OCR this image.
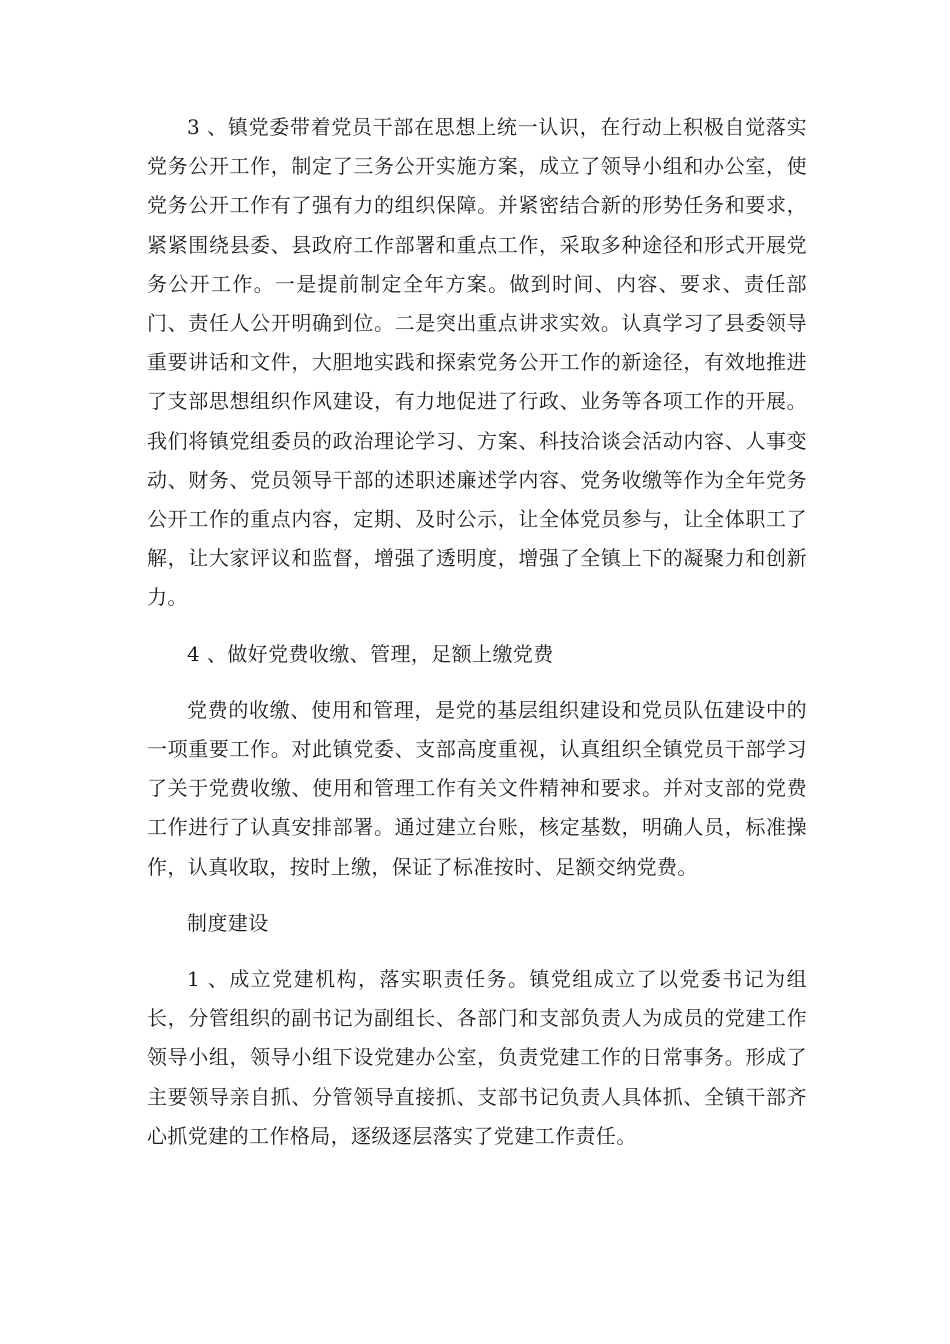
3 、镇党委带着党员干部在思想上统一认识，在行动上积极自觉落实党务公开工作，制定了三务公开实施方案，成立了领导小组和办公室，使党务公开工作有了强有力的组织保障。并紧密结合新的形势任务和要求，紧紧围绕县委、县政府工作部署和重点工作，采取多种途径和形式开展党务公开工作。一是提前制定全年方案。做到时间、内容、要求、责任部门、责任人公开明确到位。二是突出重点讲求实效。认真学习了县委领导重要讲话和文件，大胆地实践和探索党务公开工作的新途径，有效地推进了支部思想组织作风建设，有力地促进了行政、业务等各项工作的开展。我们将镇党组委员的政治理论学习、方案、科技洽谈会活动内容、人事变动、财务、党员领导干部的述职述廉述学内容、党务收缴等作为全年党务公开工作的重点内容，定期、及时公示，让全体党员参与，让全体职工了解，让大家评议和监督，增强了透明度，增强了全镇上下的凝聚力和创新力。

4 、做好党费收缴、管理，足额上缴党费

党费的收缴、使用和管理，是党的基层组织建设和党员队伍建设中的一项重要工作。对此镇党委、支部高度重视，认真组织全镇党员干部学习了关于党费收缴、使用和管理工作有关文件精神和要求。并对支部的党费工作进行了认真安排部署。通过建立台账，核定基数，明确人员，标准操作，认真收取，按时上缴，保证了标准按时、足额交纳党费。

制度建设

1 、成立党建机构，落实职责任务。镇党组成立了以党委书记为组长，分管组织的副书记为副组长、各部门和支部负责人为成员的党建工作领导小组，领导小组下设党建办公室，负责党建工作的日常事务。形成了主要领导亲自抓、分管领导直接抓、支部书记负责人具体抓、全镇干部齐心抓党建的工作格局，逐级逐层落实了党建工作责任。
